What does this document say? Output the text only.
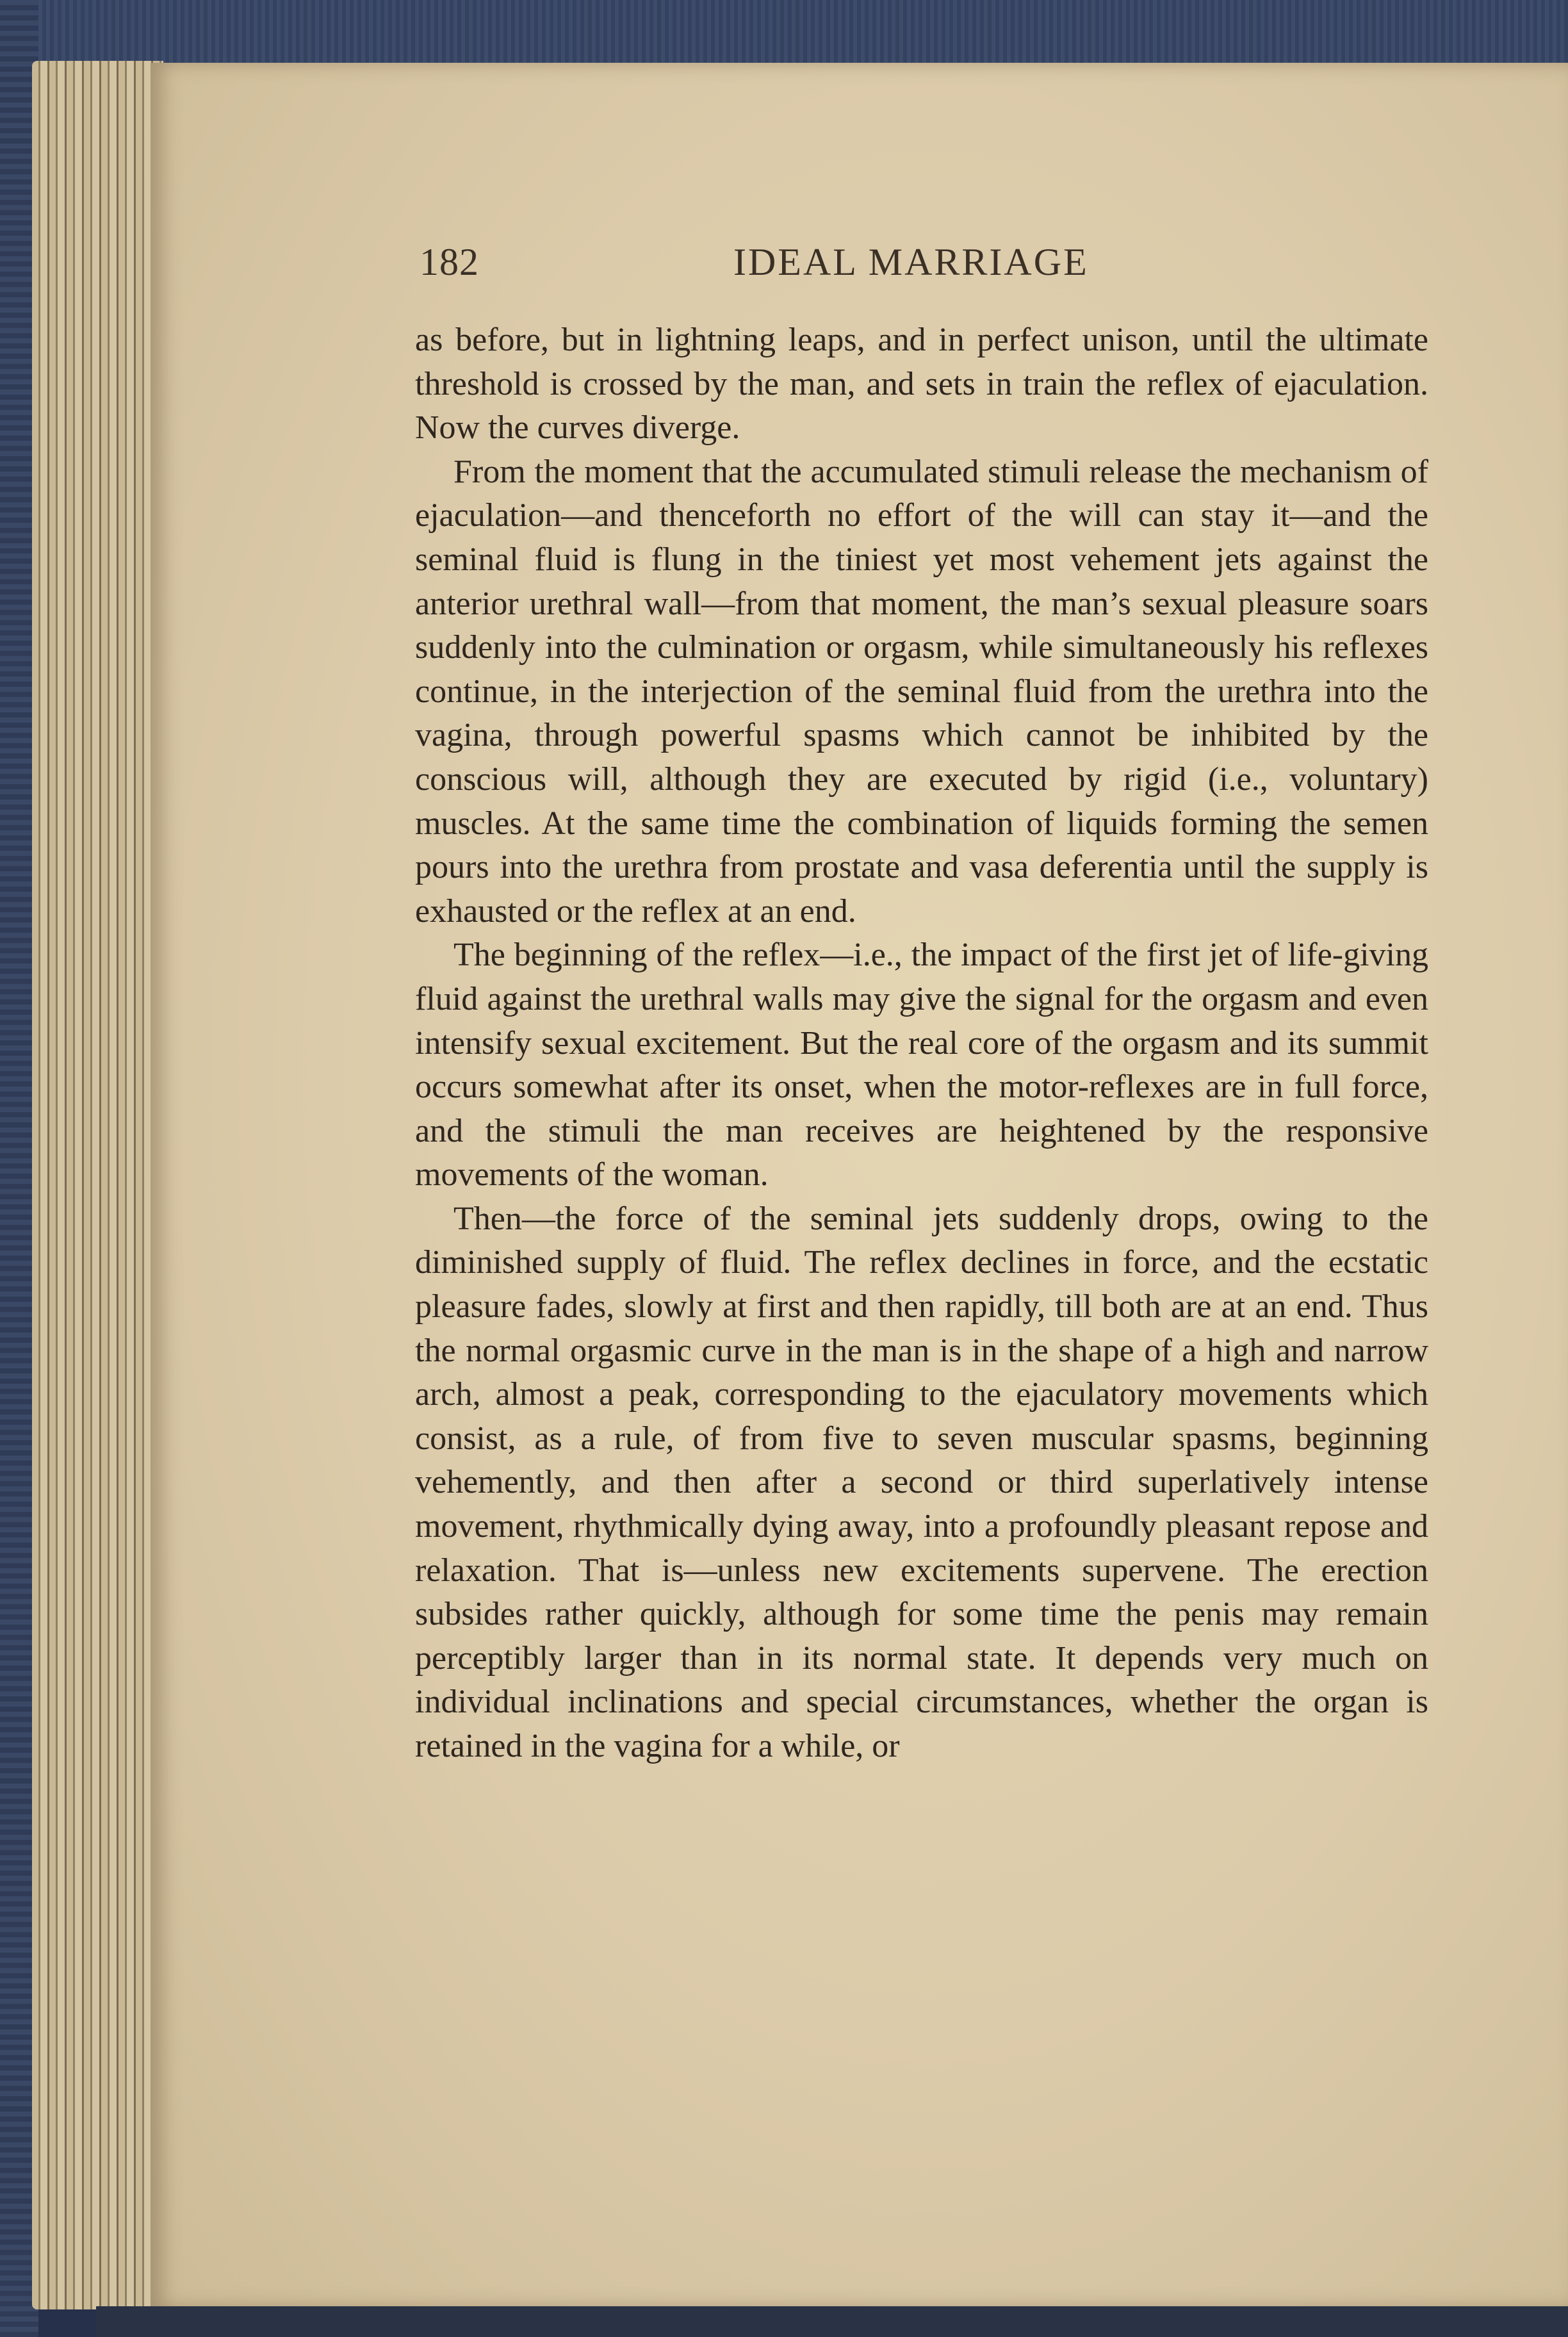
182	IDEAL MARRIAGE

as before, but in lightning leaps, and in perfect unison, until the ultimate threshold is crossed by the man, and sets in train the reflex of ejaculation. Now the curves diverge.

From the moment that the accumulated stimuli release the mechanism of ejaculation—and thenceforth no effort of the will can stay it—and the seminal fluid is flung in the tiniest yet most vehement jets against the anterior urethral wall—from that moment, the man’s sexual pleasure soars suddenly into the culmination or orgasm, while simultaneously his reflexes continue, in the interjection of the seminal fluid from the urethra into the vagina, through powerful spasms which cannot be inhibited by the conscious will, although they are executed by rigid (i.e., voluntary) muscles. At the same time the combination of liquids forming the semen pours into the urethra from prostate and vasa deferentia until the supply is exhausted or the reflex at an end.

The beginning of the reflex—i.e., the impact of the first jet of life-giving fluid against the urethral walls may give the signal for the orgasm and even intensify sexual excitement. But the real core of the orgasm and its summit occurs somewhat after its onset, when the motor-reflexes are in full force, and the stimuli the man receives are heightened by the responsive movements of the woman.

Then—the force of the seminal jets suddenly drops, owing to the diminished supply of fluid. The reflex declines in force, and the ecstatic pleasure fades, slowly at first and then rapidly, till both are at an end. Thus the normal orgasmic curve in the man is in the shape of a high and narrow arch, almost a peak, corresponding to the ejaculatory movements which consist, as a rule, of from five to seven muscular spasms, beginning vehemently, and then after a second or third superlatively intense movement, rhythmically dying away, into a profoundly pleasant repose and relaxation. That is—unless new excitements supervene. The erection subsides rather quickly, although for some time the penis may remain perceptibly larger than in its normal state. It depends very much on individual inclinations and special circumstances, whether the organ is retained in the vagina for a while, or
